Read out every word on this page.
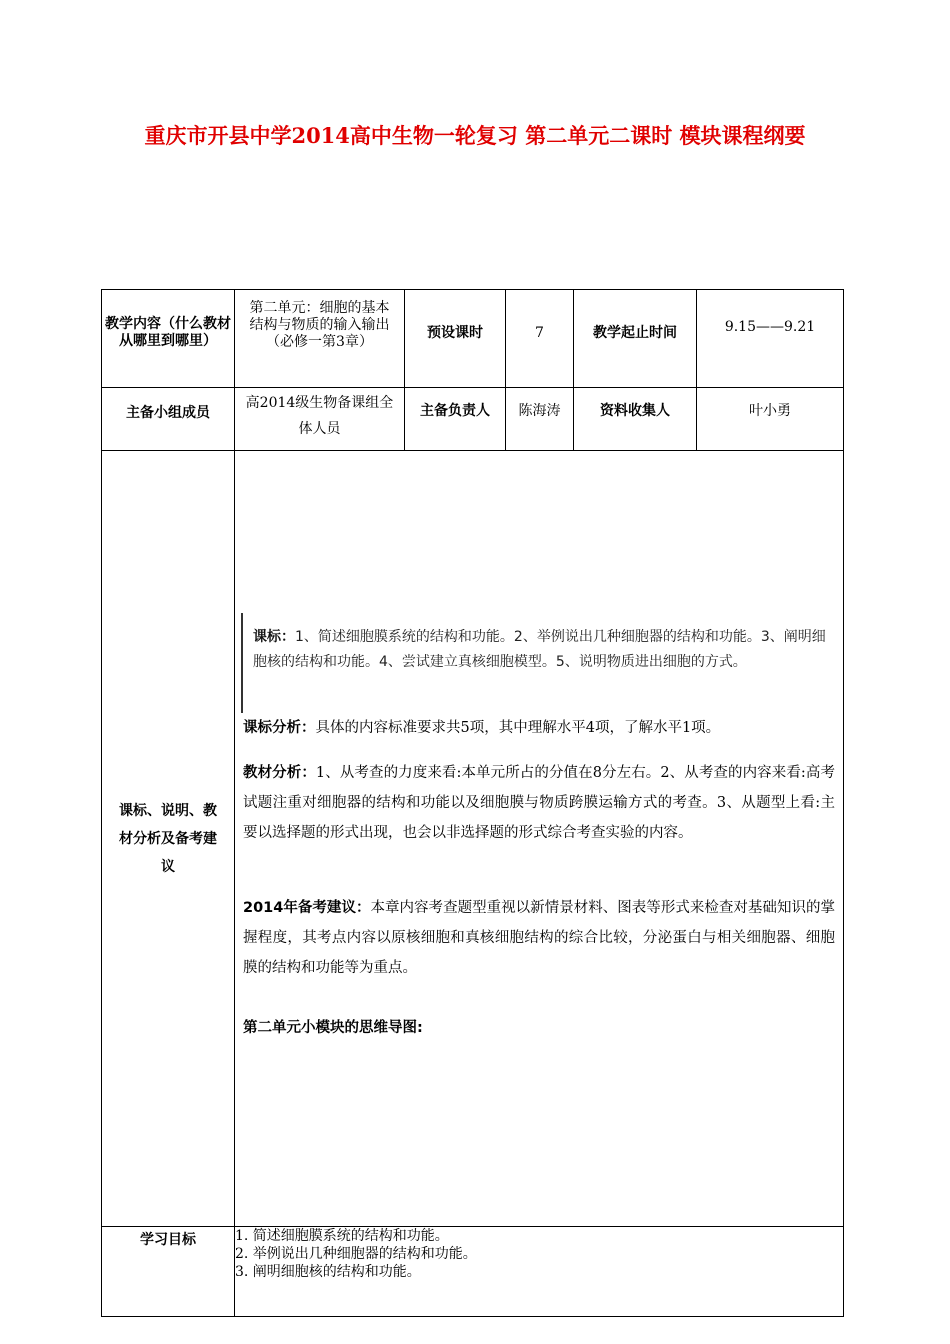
重庆市开县中学2014高中生物一轮复习 第二单元二课时 模块课程纲要
教学内容（什么教材从哪里到哪里）	第二单元：细胞的基本结构与物质的输入输出（必修一第3章）	预设课时	7	教学起止时间	9.15——9.21
主备小组成员	高2014级生物备课组全体人员	主备负责人	陈海涛	资料收集人	叶小勇
课标、说明、教材分析及备考建议	课标：1、简述细胞膜系统的结构和功能。2、举例说出几种细胞器的结构和功能。3、阐明细胞核的结构和功能。4、尝试建立真核细胞模型。5、说明物质进出细胞的方式。
课标分析：具体的内容标准要求共5项，其中理解水平4项，了解水平1项。
教材分析：1、从考查的力度来看:本单元所占的分值在8分左右。2、从考查的内容来看:高考试题注重对细胞器的结构和功能以及细胞膜与物质跨膜运输方式的考查。3、从题型上看:主要以选择题的形式出现，也会以非选择题的形式综合考查实验的内容。
2014年备考建议：本章内容考查题型重视以新情景材料、图表等形式来检查对基础知识的掌握程度，其考点内容以原核细胞和真核细胞结构的综合比较，分泌蛋白与相关细胞器、细胞膜的结构和功能等为重点。
第二单元小模块的思维导图:				

学习目标	1. 简述细胞膜系统的结构和功能。
2. 举例说出几种细胞器的结构和功能。
3. 阐明细胞核的结构和功能。				
